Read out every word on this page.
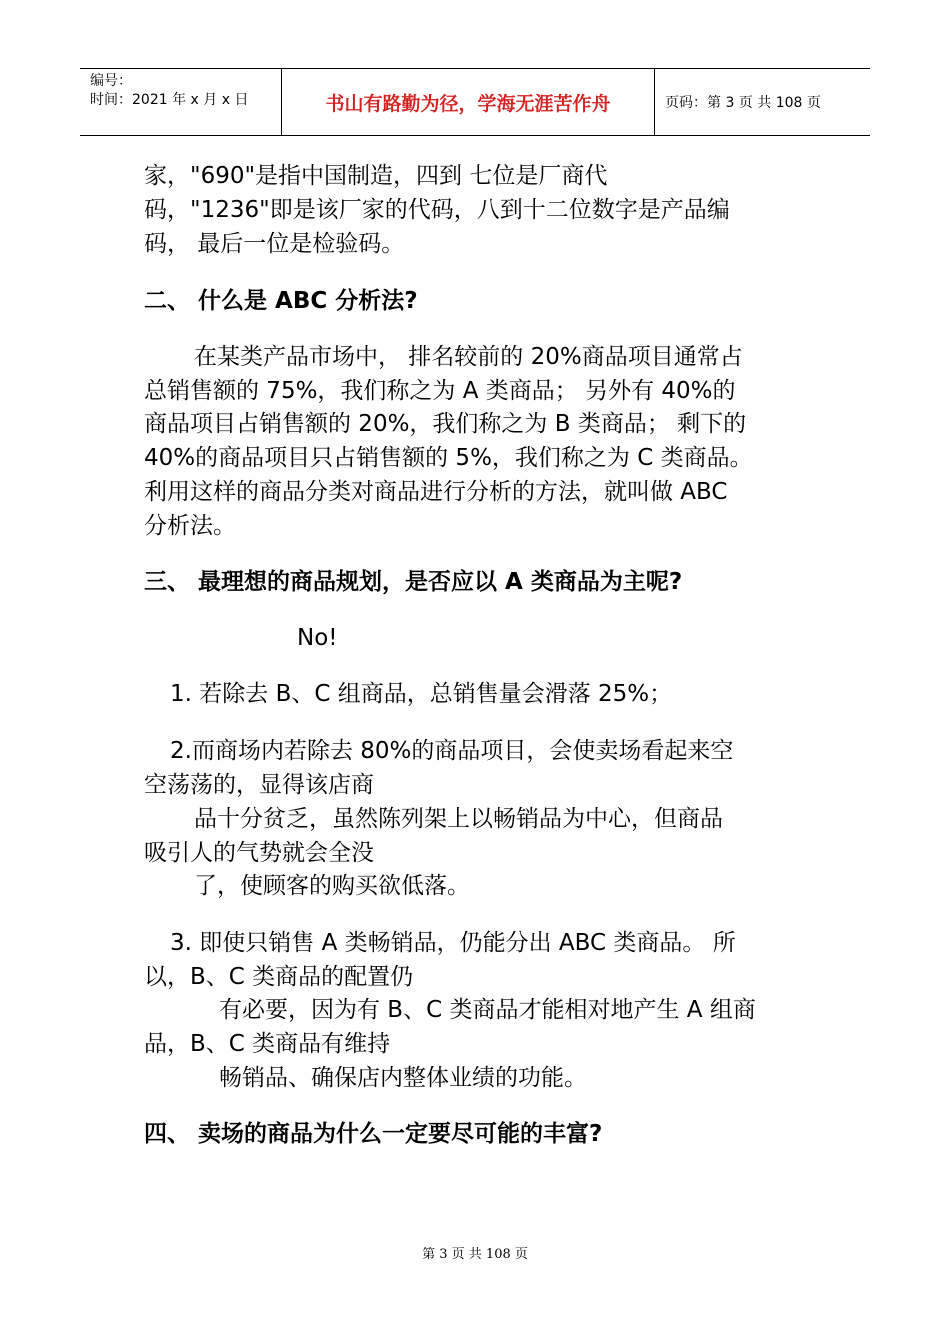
编号：
时间：2021 年 x 月 x 日	书山有路勤为径，学海无涯苦作舟	页码：第 3 页 共 108 页
家，"690"是指中国制造，四到 七位是厂商代
码，"1236"即是该厂家的代码，八到十二位数字是产品编
码， 最后一位是检验码。
二、 什么是 ABC 分析法?
在某类产品市场中， 排名较前的 20%商品项目通常占
总销售额的 75%，我们称之为 A 类商品； 另外有 40%的
商品项目占销售额的 20%，我们称之为 B 类商品； 剩下的
40%的商品项目只占销售额的 5%，我们称之为 C 类商品。
利用这样的商品分类对商品进行分析的方法，就叫做 ABC
分析法。
三、 最理想的商品规划，是否应以 A 类商品为主呢?
No!
1. 若除去 B、C 组商品，总销售量会滑落 25%；
2.而商场内若除去 80%的商品项目，会使卖场看起来空
空荡荡的，显得该店商
品十分贫乏，虽然陈列架上以畅销品为中心，但商品
吸引人的气势就会全没
了，使顾客的购买欲低落。
3. 即使只销售 A 类畅销品，仍能分出 ABC 类商品。 所
以，B、C 类商品的配置仍
有必要，因为有 B、C 类商品才能相对地产生 A 组商
品，B、C 类商品有维持
畅销品、确保店内整体业绩的功能。
四、 卖场的商品为什么一定要尽可能的丰富?
第 3 页 共 108 页
